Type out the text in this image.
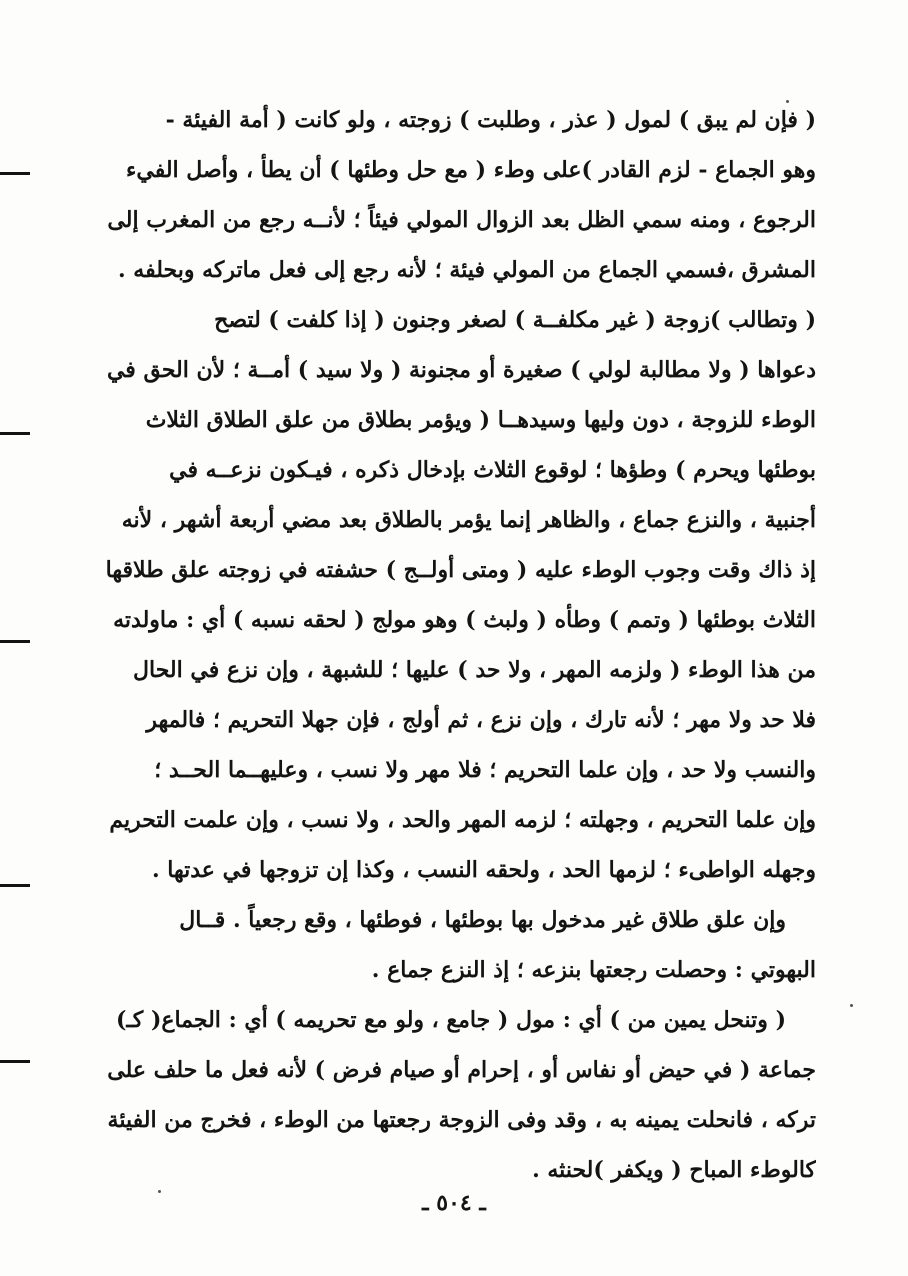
( فإن لم يبق ) لمول ( عذر ، وطلبت ) زوجته ، ولو كانت ( أمة الفيئة -
وهو الجماع - لزم القادر )على وطء ( مع حل وطئها ) أن يطأ ، وأصل الفيء
الرجوع ، ومنه سمي الظل بعد الزوال المولي فيئاً ؛ لأنــه رجع من المغرب إلى
المشرق ،فسمي الجماع من المولي فيئة ؛ لأنه رجع إلى فعل ماتركه وبحلفه .
( وتطالب )زوجة ( غير مكلفــة ) لصغر وجنون ( إذا كلفت ) لتصح
دعواها ( ولا مطالبة لولي ) صغيرة أو مجنونة ( ولا سيد ) أمــة ؛ لأن الحق في
الوطء للزوجة ، دون وليها وسيدهــا ( ويؤمر بطلاق من علق الطلاق الثلاث
بوطئها ويحرم ) وطؤها ؛ لوقوع الثلاث بإدخال ذكره ، فيـكون نزعــه في
أجنبية ، والنزع جماع ، والظاهر إنما يؤمر بالطلاق بعد مضي أربعة أشهر ، لأنه
إذ ذاك وقت وجوب الوطء عليه ( ومتى أولــج ) حشفته في زوجته علق طلاقها
الثلاث بوطئها ( وتمم ) وطأه ( ولبث ) وهو مولج ( لحقه نسبه ) أي : ماولدته
من هذا الوطء ( ولزمه المهر ، ولا حد ) عليها ؛ للشبهة ، وإن نزع في الحال
فلا حد ولا مهر ؛ لأنه تارك ، وإن نزع ، ثم أولج ، فإن جهلا التحريم ؛ فالمهر
والنسب ولا حد ، وإن علما التحريم ؛ فلا مهر ولا نسب ، وعليهــما الحــد ؛
وإن علما التحريم ، وجهلته ؛ لزمه المهر والحد ، ولا نسب ، وإن علمت التحريم
وجهله الواطىء ؛ لزمها الحد ، ولحقه النسب ، وكذا إن تزوجها في عدتها .
وإن علق طلاق غير مدخول بها بوطئها ، فوطئها ، وقع رجعياً . قــال
البهوتي : وحصلت رجعتها بنزعه ؛ إذ النزع جماع .
( وتنحل يمين من ) أي : مول ( جامع ، ولو مع تحريمه ) أي : الجماع( كـ)
جماعة ( في حيض أو نفاس أو ، إحرام أو صيام فرض ) لأنه فعل ما حلف على
تركه ، فانحلت يمينه به ، وقد وفى الزوجة رجعتها من الوطء ، فخرج من الفيئة
كالوطء المباح ( ويكفر )لحنثه .
ـ ٥٠٤ ـ
